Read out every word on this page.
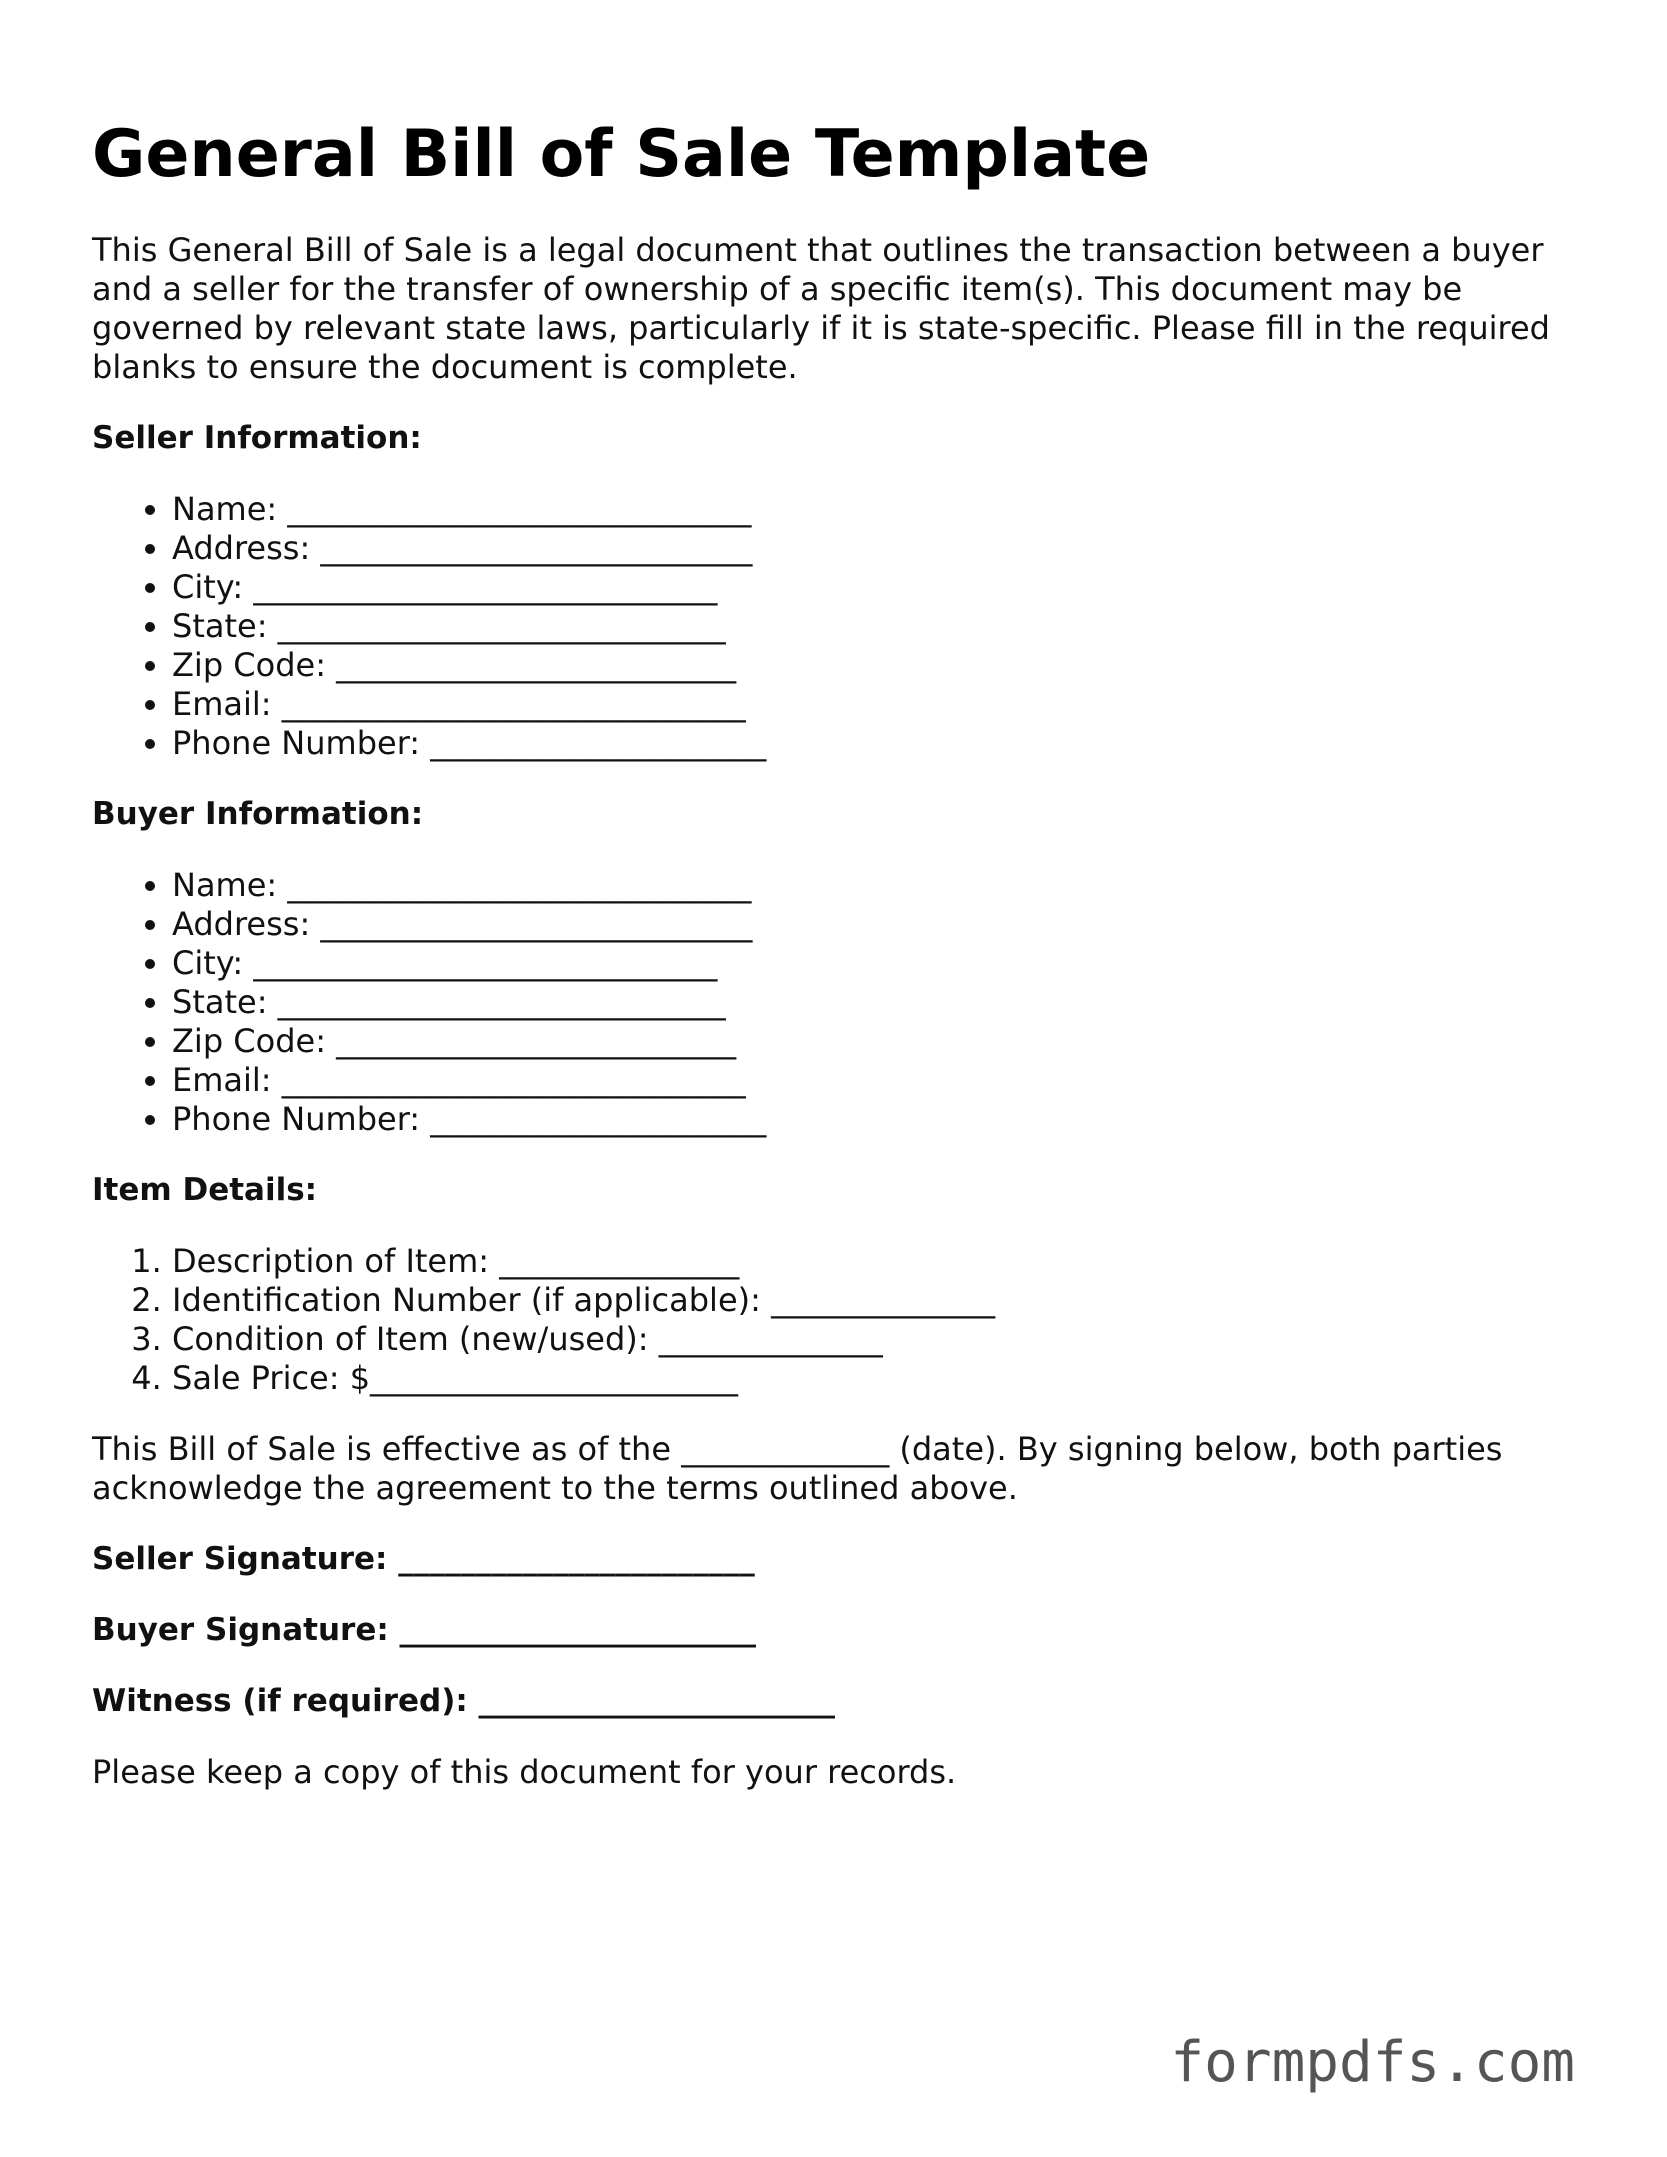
General Bill of Sale Template

This General Bill of Sale is a legal document that outlines the transaction between a buyer and a seller for the transfer of ownership of a specific item(s). This document may be governed by relevant state laws, particularly if it is state-specific. Please fill in the required blanks to ensure the document is complete.

Seller Information:
• Name: _____________________________
• Address: ___________________________
• City: _____________________________
• State: ____________________________
• Zip Code: _________________________
• Email: _____________________________
• Phone Number: _____________________
Buyer Information:
• Name: _____________________________
• Address: ___________________________
• City: _____________________________
• State: ____________________________
• Zip Code: _________________________
• Email: _____________________________
• Phone Number: _____________________
Item Details:
1. Description of Item: _______________
2. Identification Number (if applicable): ______________
3. Condition of Item (new/used): ______________
4. Sale Price: $_______________________

This Bill of Sale is effective as of the _____________ (date). By signing below, both parties acknowledge the agreement to the terms outlined above.

Seller Signature: _______________________

Buyer Signature: _______________________

Witness (if required): _______________________

Please keep a copy of this document for your records.

formpdfs.com
